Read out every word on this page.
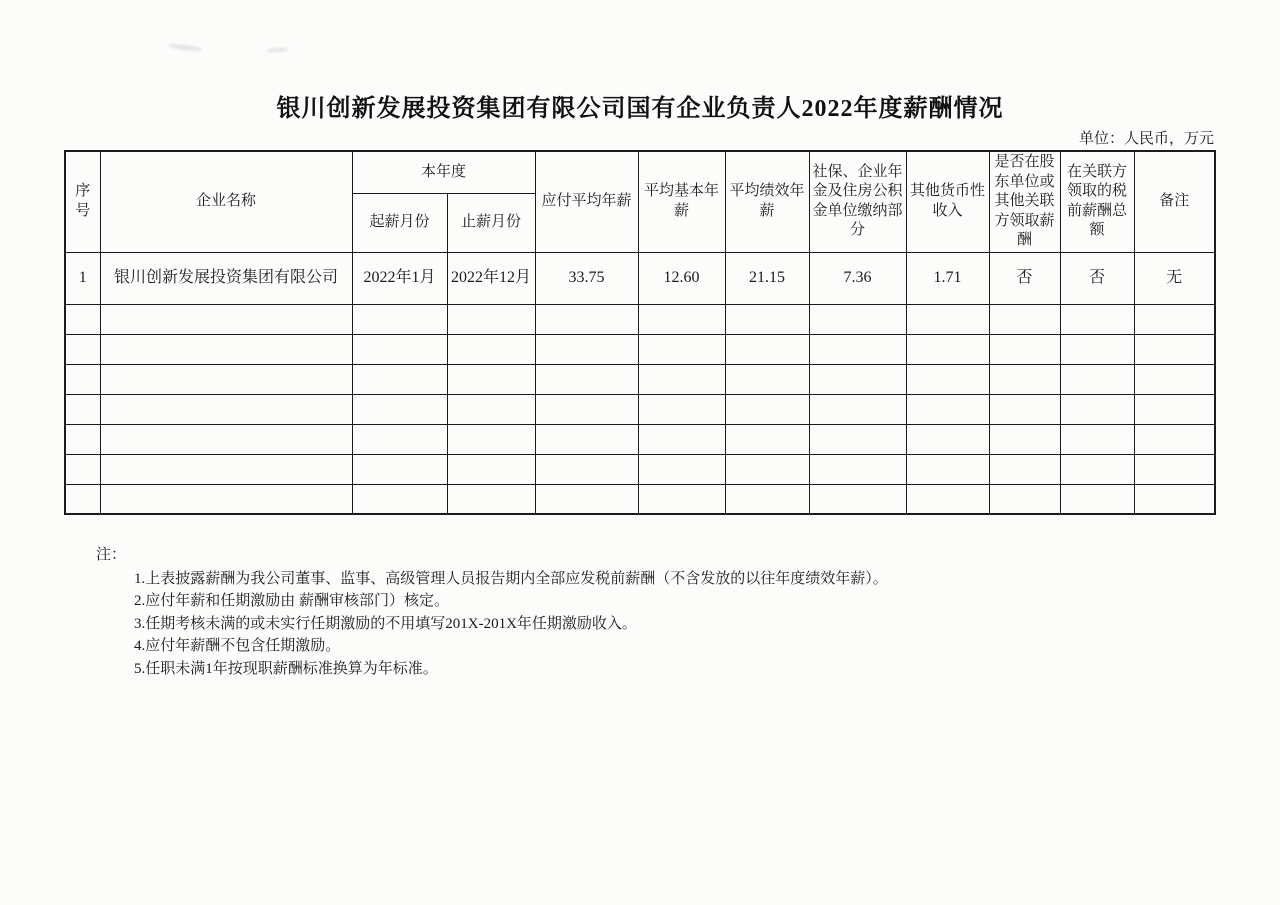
银川创新发展投资集团有限公司国有企业负责人2022年度薪酬情况
单位：人民币，万元
序号	企业名称	本年度		应付平均年薪	平均基本年薪	平均绩效年薪	社保、企业年金及住房公积金单位缴纳部分	其他货币性收入	是否在股东单位或其他关联方领取薪酬	在关联方领取的税前薪酬总额	备注
		起薪月份	止薪月份								
1	银川创新发展投资集团有限公司	2022年1月	2022年12月	33.75	12.60	21.15	7.36	1.71	否	否	无

注：
1.上表披露薪酬为我公司董事、监事、高级管理人员报告期内全部应发税前薪酬（不含发放的以往年度绩效年薪）。
2.应付年薪和任期激励由 薪酬审核部门）核定。
3.任期考核未满的或未实行任期激励的不用填写201X-201X年任期激励收入。
4.应付年薪酬不包含任期激励。
5.任职未满1年按现职薪酬标准换算为年标准。
